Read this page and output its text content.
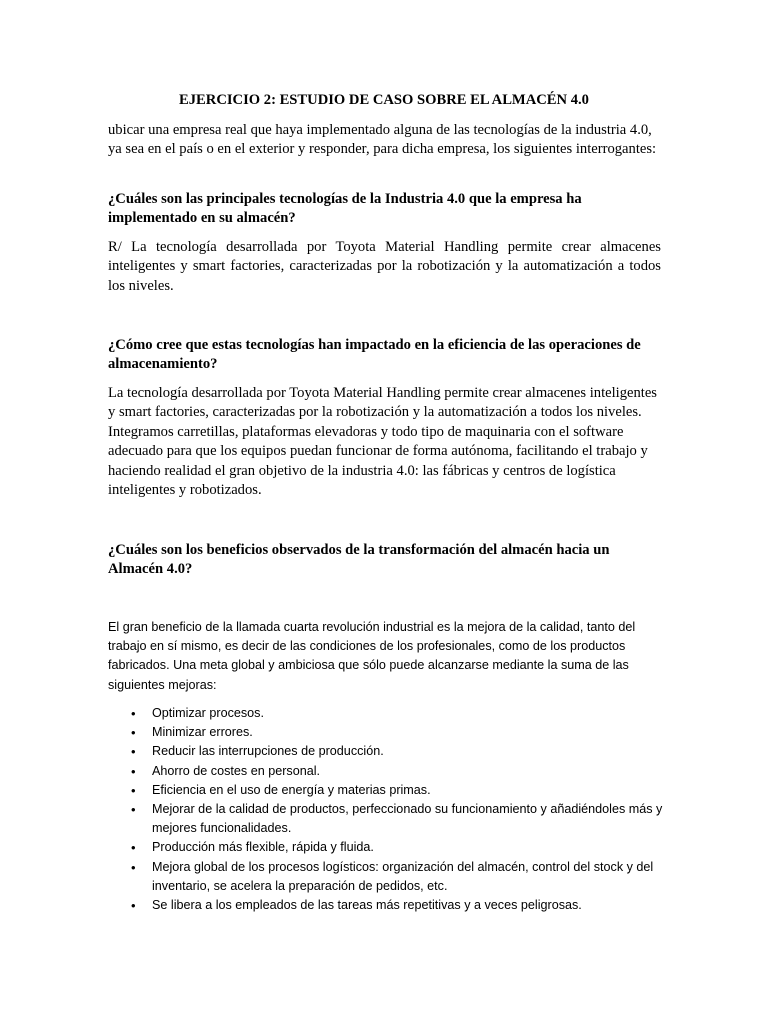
EJERCICIO 2: ESTUDIO DE CASO SOBRE EL ALMACÉN 4.0

ubicar una empresa real que haya implementado alguna de las tecnologías de la industria 4.0, ya sea en el país o en el exterior y responder, para dicha empresa, los siguientes interrogantes:

¿Cuáles son las principales tecnologías de la Industria 4.0 que la empresa ha implementado en su almacén?

R/ La tecnología desarrollada por Toyota Material Handling permite crear almacenes inteligentes y smart factories, caracterizadas por la robotización y la automatización a todos los niveles.

¿Cómo cree que estas tecnologías han impactado en la eficiencia de las operaciones de almacenamiento?

La tecnología desarrollada por Toyota Material Handling permite crear almacenes inteligentes y smart factories, caracterizadas por la robotización y la automatización a todos los niveles. Integramos carretillas, plataformas elevadoras y todo tipo de maquinaria con el software adecuado para que los equipos puedan funcionar de forma autónoma, facilitando el trabajo y haciendo realidad el gran objetivo de la industria 4.0: las fábricas y centros de logística inteligentes y robotizados.

¿Cuáles son los beneficios observados de la transformación del almacén hacia un Almacén 4.0?

El gran beneficio de la llamada cuarta revolución industrial es la mejora de la calidad, tanto del trabajo en sí mismo, es decir de las condiciones de los profesionales, como de los productos fabricados. Una meta global y ambiciosa que sólo puede alcanzarse mediante la suma de las siguientes mejoras:

• Optimizar procesos.
• Minimizar errores.
• Reducir las interrupciones de producción.
• Ahorro de costes en personal.
• Eficiencia en el uso de energía y materias primas.
• Mejorar de la calidad de productos, perfeccionado su funcionamiento y añadiéndoles más y mejores funcionalidades.
• Producción más flexible, rápida y fluida.
• Mejora global de los procesos logísticos: organización del almacén, control del stock y del inventario, se acelera la preparación de pedidos, etc.
• Se libera a los empleados de las tareas más repetitivas y a veces peligrosas.
